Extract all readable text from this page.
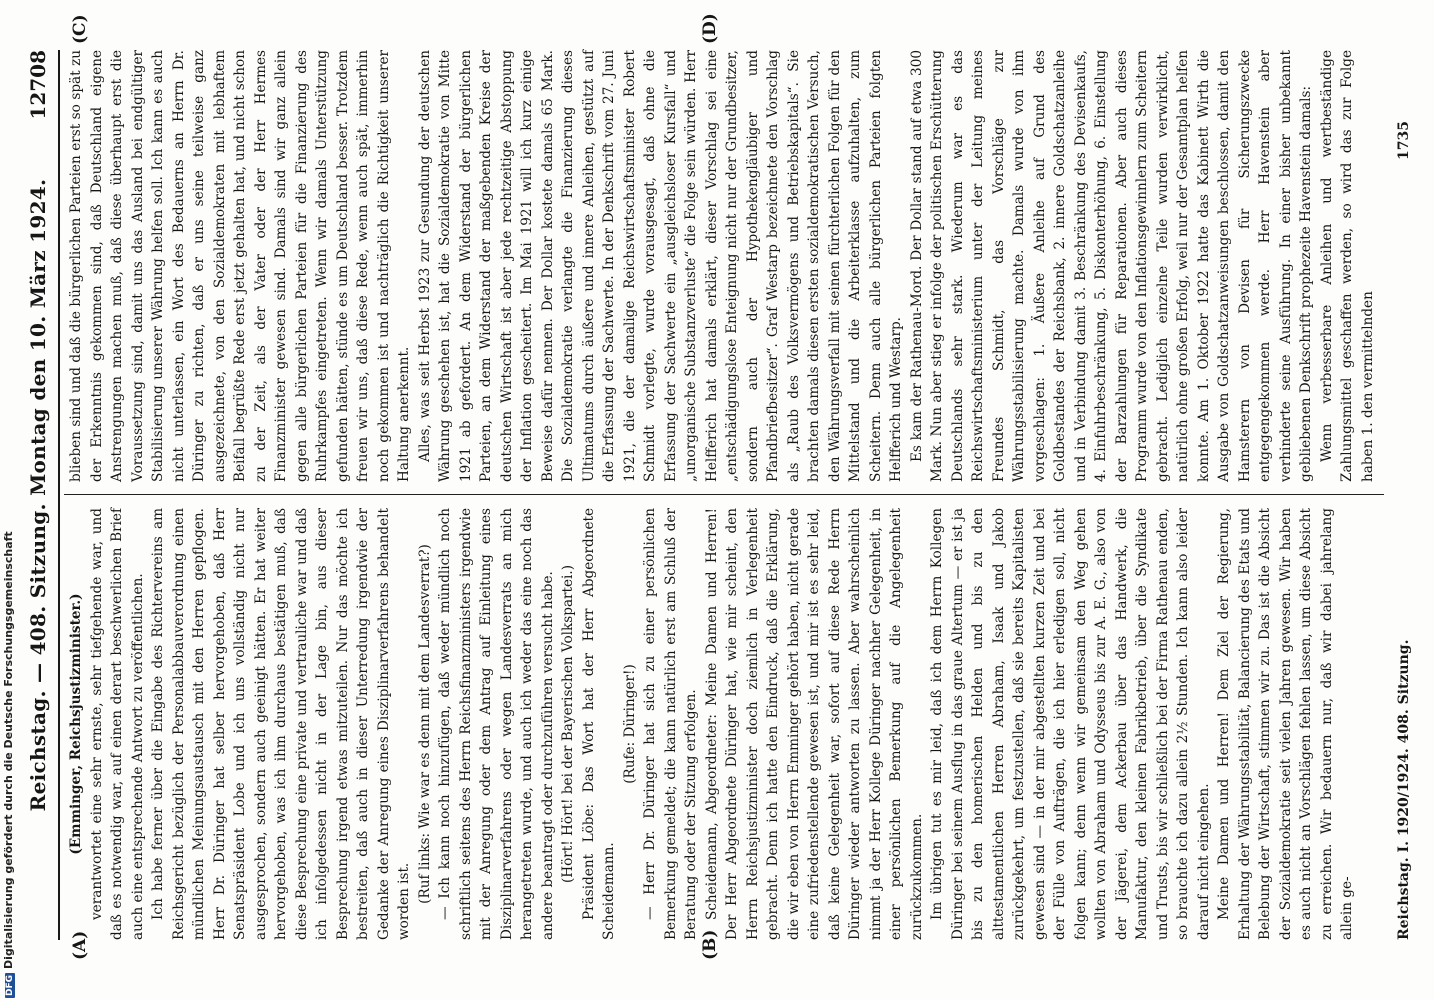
Reichstag. — 408. Sitzung. Montag den 10. März 1924.
12708
(A)	(B)
(C)	(D)

(Emminger, Reichsjustizminister.) verantwortet eine sehr ernste, sehr tiefgehende war, und daß es notwendig war, auf einen derart beschwerlichen Brief auch eine entsprechende Antwort zu veröffentlichen. Ich habe ferner über die Eingabe des Richtervereins am Reichsgericht bezüglich der Personalabbauverordnung einen mündlichen Meinungsaustausch mit den Herren gepflogen. Herr Dr. Düringer hat selber hervorgehoben, daß Herr Senatspräsident Lobe und ich uns vollständig nicht nur ausgesprochen, sondern auch geeinigt hätten. Er hat weiter hervorgehoben, was ich ihm durchaus bestätigen muß, daß diese Besprechung eine private und vertrauliche war und daß ich infolgedessen nicht in der Lage bin, aus dieser Besprechung irgend etwas mitzuteilen. Nur das möchte ich bestreiten, daß auch in dieser Unterredung irgendwie der Gedanke der Anregung eines Disziplinarverfahrens behandelt worden ist. (Ruf links: Wie war es denn mit dem Landesverrat?) — Ich kann noch hinzufügen, daß weder mündlich noch schriftlich seitens des Herrn Reichsfinanzministers irgendwie mit der Anregung oder dem Antrag auf Einleitung eines Disziplinarverfahrens oder wegen Landesverrats an mich herangetreten wurde, und auch ich weder das eine noch das andere beantragt oder durchzuführen versucht habe. (Hört! Hört! bei der Bayerischen Volkspartei.) Präsident Löbe: Das Wort hat der Herr Abgeordnete Scheidemann.

(Rufe: Düringer!) — Herr Dr. Düringer hat sich zu einer persönlichen Bemerkung gemeldet; die kann natürlich erst am Schluß der Beratung oder der Sitzung erfolgen. Scheidemann, Abgeordneter: Meine Damen und Herren! Der Herr Abgeordnete Düringer hat, wie mir scheint, den Herrn Reichsjustizminister doch ziemlich in Verlegenheit gebracht. Denn ich hatte den Eindruck, daß die Erklärung, die wir eben von Herrn Emminger gehört haben, nicht gerade eine zufriedenstellende gewesen ist, und mir ist es sehr leid, daß keine Gelegenheit war, sofort auf diese Rede Herrn Düringer wieder antworten zu lassen. Aber wahrscheinlich nimmt ja der Herr Kollege Düringer nachher Gelegenheit, in einer persönlichen Bemerkung auf die Angelegenheit zurückzukommen. Im übrigen tut es mir leid, daß ich dem Herrn Kollegen Düringer bei seinem Ausflug in das graue Altertum — er ist ja bis zu den homerischen Helden und bis zu den alttestamentlichen Herren Abraham, Isaak und Jakob zurückgekehrt, um festzustellen, daß sie bereits Kapitalisten gewesen sind — in der mir abgestellten kurzen Zeit und bei der Fülle von Aufträgen, die ich hier erledigen soll, nicht folgen kann; denn wenn wir gemeinsam den Weg gehen wollten von Abraham und Odysseus bis zur A. E. G., also von der Jägerei, dem Ackerbau über das Handwerk, die Manufaktur, den kleinen Fabrikbetrieb, über die Syndikate und Trusts, bis wir schließlich bei der Firma Rathenau enden, so brauchte ich dazu allein 2½ Stunden. Ich kann also leider darauf nicht eingehen. Meine Damen und Herren! Dem Ziel der Regierung, Erhaltung der Währungsstabilität, Balancierung des Etats und Belebung der Wirtschaft, stimmen wir zu. Das ist die Absicht der Sozialdemokratie seit vielen Jahren gewesen. Wir haben es auch nicht an Vorschlägen fehlen lassen, um diese Absicht zu erreichen. Wir bedauern nur, daß wir dabei jahrelang allein ge-

blieben sind und daß die bürgerlichen Parteien erst so spät zu der Erkenntnis gekommen sind, daß Deutschland eigene Anstrengungen machen muß, daß diese überhaupt erst die Voraussetzung sind, damit uns das Ausland bei endgültiger Stabilisierung unserer Währung helfen soll. Ich kann es auch nicht unterlassen, ein Wort des Bedauerns an Herrn Dr. Düringer zu richten, daß er uns seine teilweise ganz ausgezeichnete, von den Sozialdemokraten mit lebhaftem Beifall begrüßte Rede erst jetzt gehalten hat, und nicht schon zu der Zeit, als der Vater oder der Herr Hermes Finanzminister gewesen sind. Damals sind wir ganz allein gegen alle bürgerlichen Parteien für die Finanzierung des Ruhrkampfes eingetreten. Wenn wir damals Unterstützung gefunden hätten, stünde es um Deutschland besser. Trotzdem freuen wir uns, daß diese Rede, wenn auch spät, immerhin noch gekommen ist und nachträglich die Richtigkeit unserer Haltung anerkennt. Alles, was seit Herbst 1923 zur Gesundung der deutschen Währung geschehen ist, hat die Sozialdemokratie von Mitte 1921 ab gefordert. An dem Widerstand der bürgerlichen Parteien, an dem Widerstand der maßgebenden Kreise der deutschen Wirtschaft ist aber jede rechtzeitige Abstoppung der Inflation gescheitert. Im Mai 1921 will ich kurz einige Beweise dafür nennen. Der Dollar kostete damals 65 Mark. Die Sozialdemokratie verlangte die Finanzierung dieses Ultimatums durch äußere und innere Anleihen, gestützt auf die Erfassung der Sachwerte. In der Denkschrift vom 27. Juni 1921, die der damalige Reichswirtschaftsminister Robert Schmidt vorlegte, wurde vorausgesagt, daß ohne die Erfassung der Sachwerte ein „ausgleichsloser Kursfall“ und „unorganische Substanzverluste“ die Folge sein würden. Herr Helfferich hat damals erklärt, dieser Vorschlag sei eine „entschädigungslose Enteignung nicht nur der Grundbesitzer, sondern auch der Hypothekengläubiger und Pfandbriefbesitzer“. Graf Westarp bezeichnete den Vorschlag als „Raub des Volksvermögens und Betriebskapitals“. Sie brachten damals diesen ersten sozialdemokratischen Versuch, den Währungsverfall mit seinen fürchterlichen Folgen für den Mittelstand und die Arbeiterklasse aufzuhalten, zum Scheitern. Denn auch alle bürgerlichen Parteien folgten Helfferich und Westarp. Es kam der Rathenau-Mord. Der Dollar stand auf etwa 300 Mark. Nun aber stieg er infolge der politischen Erschütterung Deutschlands sehr stark. Wiederum war es das Reichswirtschaftsministerium unter der Leitung meines Freundes Schmidt, das Vorschläge zur Währungsstabilisierung machte. Damals wurde von ihm vorgeschlagen: 1. Äußere Anleihe auf Grund des Goldbestandes der Reichsbank, 2. innere Goldschatzanleihe und in Verbindung damit 3. Beschränkung des Devisenkaufs, 4. Einfuhrbeschränkung, 5. Diskonterhöhung, 6. Einstellung der Barzahlungen für Reparationen. Aber auch dieses Programm wurde von den Inflationsgewinnlern zum Scheitern gebracht. Lediglich einzelne Teile wurden verwirklicht, natürlich ohne großen Erfolg, weil nur der Gesamtplan helfen konnte. Am 1. Oktober 1922 hatte das Kabinett Wirth die Ausgabe von Goldschatzanweisungen beschlossen, damit den Hamsterern von Devisen für Sicherungszwecke entgegengekommen werde. Herr Havenstein aber verhinderte seine Ausführung. In einer bisher unbekannt gebliebenen Denkschrift prophezeite Havenstein damals: Wenn verbesserbare Anleihen und wertbeständige Zahlungsmittel geschaffen werden, so wird das zur Folge haben 1. den vermittelnden

Reichstag. I. 1920/1924. 408. Sitzung.
1735
DFGDigitalisierung gefördert durch die Deutsche Forschungsgemeinschaft
